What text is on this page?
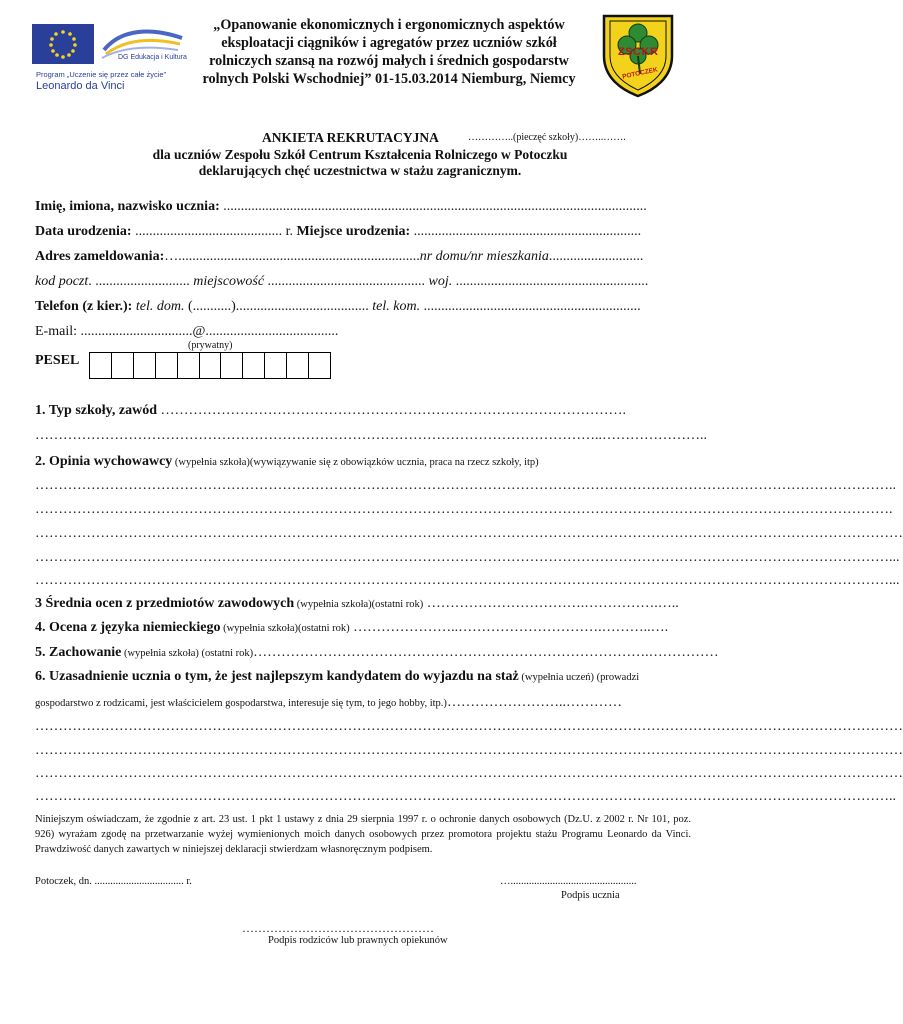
DG Edukacja i Kultura
Program „Uczenie się przez całe życie”
Leonardo da Vinci
„Opanowanie ekonomicznych i ergonomicznych aspektów
eksploatacji ciągników i agregatów przez uczniów szkół
rolniczych szansą na rozwój małych i średnich gospodarstw
rolnych Polski Wschodniej” 01-15.03.2014 Niemburg, Niemcy
ZSCKR
POTOCZEK
ANKIETA REKRUTACYJNA	…………..(pieczęć szkoły)……..…….
dla uczniów Zespołu Szkół Centrum Kształcenia Rolniczego w Potoczku
deklarujących chęć uczestnictwa w stażu zagranicznym.
Imię, imiona, nazwisko ucznia: .........................................................................................................................
Data urodzenia: .......................................... r. Miejsce urodzenia: .................................................................
Adres zameldowania:….....................................................................nr domu/nr mieszkania...........................
kod poczt. ........................... miejscowość ............................................. woj. .......................................................
Telefon (z kier.): tel. dom. (...........)...................................... tel. kom. ..............................................................
E-mail: ................................@......................................
(prywatny)
PESEL
1. Typ szkoły, zawód ……………………………………………………………………………………….
…………………………………………………………………………………………………………..…………………..
2. Opinia wychowawcy (wypełnia szkoła)(wywiązywanie się z obowiązków ucznia, praca na rzecz szkoły, itp)
…………………………………………………………………………………………………………………………………………………………………..
………………………………………………………………………………………………………………………………………………………………….
……………………………………………………………………………………………………………………………………………………………………
…………………………………………………………………………………………………………………………………………………………………...
…………………………………………………………………………………………………………………………………………………………………...
3 Średnia ocen z przedmiotów zawodowych (wypełnia szkoła)(ostatni rok) …………………………….…………….…..
4. Ocena z języka niemieckiego (wypełnia szkoła)(ostatni rok) …………………..………………………….………..….
5. Zachowanie (wypełnia szkoła) (ostatni rok)………………………………………………………………………….……………
6. Uzasadnienie ucznia o tym, że jest najlepszym kandydatem do wyjazdu na staż (wypełnia uczeń) (prowadzi
gospodarstwo z rodzicami, jest właścicielem gospodarstwa, interesuje się tym, to jego hobby, itp.)……………………..…………
……………………………………………………………………………………………………………………………………………………………………
……………………………………………………………………………………………………………………………………………………………………
……………………………………………………………………………………………………………………………………………………………………
…………………………………………………………………………………………………………………………………………………………………..
Niniejszym oświadczam, że zgodnie z art. 23 ust. 1 pkt 1 ustawy z dnia 29 sierpnia 1997 r. o ochronie danych osobowych (Dz.U. z 2002 r. Nr 101, poz. 926) wyrażam zgodę na przetwarzanie wyżej wymienionych moich danych osobowych przez promotora projektu stażu Programu Leonardo da Vinci. Prawdziwość danych zawartych w niniejszej deklaracji stwierdzam własnoręcznym podpisem.
Potoczek, dn. .................................. r.	…................................................
Podpis ucznia
…………………………………………
Podpis rodziców lub prawnych opiekunów
